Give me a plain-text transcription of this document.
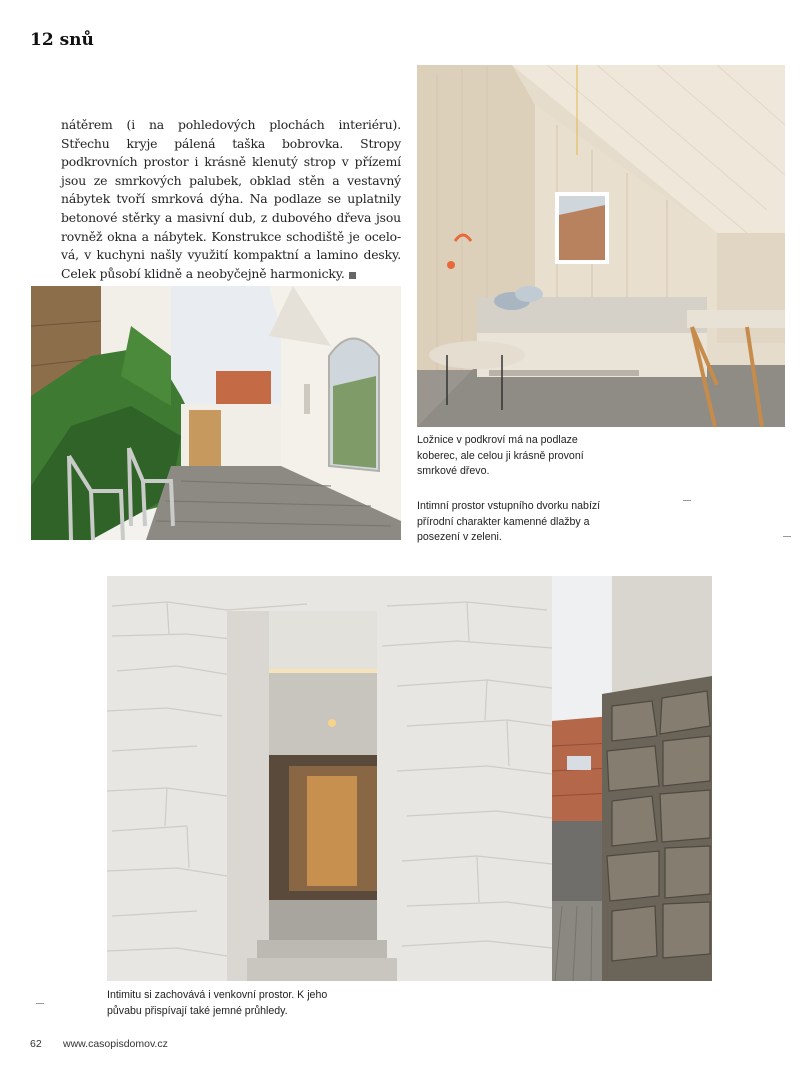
12 snů
nátěrem (i na pohledových plochách interiéru). Střechu kryje pálená taška bobrovka. Stropy podkrovních prostor i krásně klenutý strop v přízemí jsou ze smrkových palubek, obklad stěn a vestavný nábytek tvoří smrková dýha. Na podlaze se uplatnily betonové stěrky a masivní dub, z dubového dřeva jsou rovněž okna a nábytek. Konstrukce schodiště je ocelo-vá, v kuchyni našly využití kompaktní a lamino desky. Celek působí klidně a neobyčejně harmonicky.
Ložnice v podkroví má na podlaze koberec, ale celou ji krásně provoní smrkové dřevo.
Intimní prostor vstupního dvorku nabízí přírodní charakter kamenné dlažby a posezení v zeleni.
Intimitu si zachovává i venkovní prostor. K jeho půvabu přispívají také jemné průhledy.
62 www.casopisdomov.cz
